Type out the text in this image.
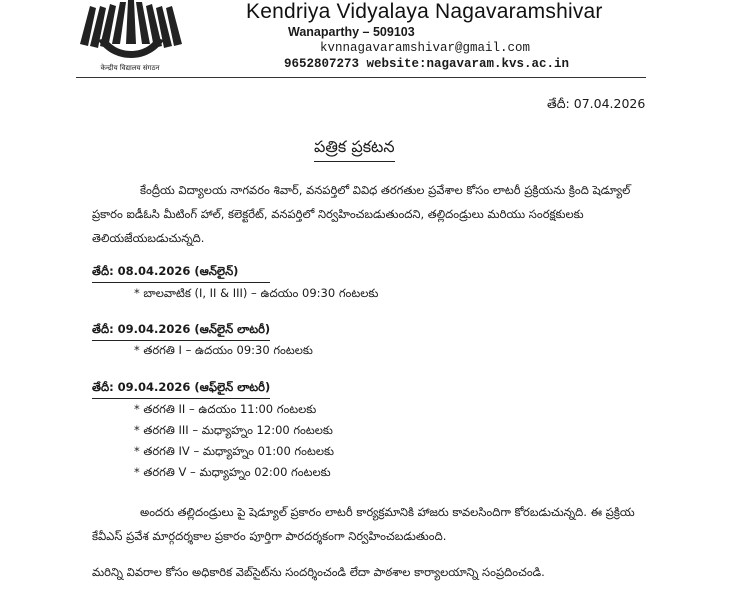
केन्द्रीय विद्यालय संगठन
Kendriya Vidyalaya Nagavaramshivar
Wanaparthy – 509103
kvnnagavaramshivar@gmail.com
9652807273 website:nagavaram.kvs.ac.in
తేదీ: 07.04.2026
పత్రిక ప్రకటన
కేంద్రీయ విద్యాలయ నాగవరం శివార్, వనపర్తిలో వివిధ తరగతుల ప్రవేశాల కోసం లాటరీ ప్రక్రియను క్రింది షెడ్యూల్ ప్రకారం ఐడీఓసి మీటింగ్ హాల్, కలెక్టరేట్, వనపర్తిలో నిర్వహించబడుతుందని, తల్లిదండ్రులు మరియు సంరక్షకులకు తెలియజేయబడుచున్నది.
తేదీ: 08.04.2026 (ఆన్‌లైన్)
* బాలవాటిక (I, II & III) – ఉదయం 09:30 గంటలకు
తేదీ: 09.04.2026 (ఆన్‌లైన్ లాటరీ)
* తరగతి I – ఉదయం 09:30 గంటలకు
తేదీ: 09.04.2026 (ఆఫ్‌లైన్ లాటరీ)
* తరగతి II – ఉదయం 11:00 గంటలకు
* తరగతి III – మధ్యాహ్నం 12:00 గంటలకు
* తరగతి IV – మధ్యాహ్నం 01:00 గంటలకు
* తరగతి V – మధ్యాహ్నం 02:00 గంటలకు
అందరు తల్లిదండ్రులు పై షెడ్యూల్ ప్రకారం లాటరీ కార్యక్రమానికి హాజరు కావలసిందిగా కోరబడుచున్నది. ఈ ప్రక్రియ కేవీఎస్ ప్రవేశ మార్గదర్శకాల ప్రకారం పూర్తిగా పారదర్శకంగా నిర్వహించబడుతుంది.
మరిన్ని వివరాల కోసం అధికారిక వెబ్‌సైట్‌ను సందర్శించండి లేదా పాఠశాల కార్యాలయాన్ని సంప్రదించండి.
